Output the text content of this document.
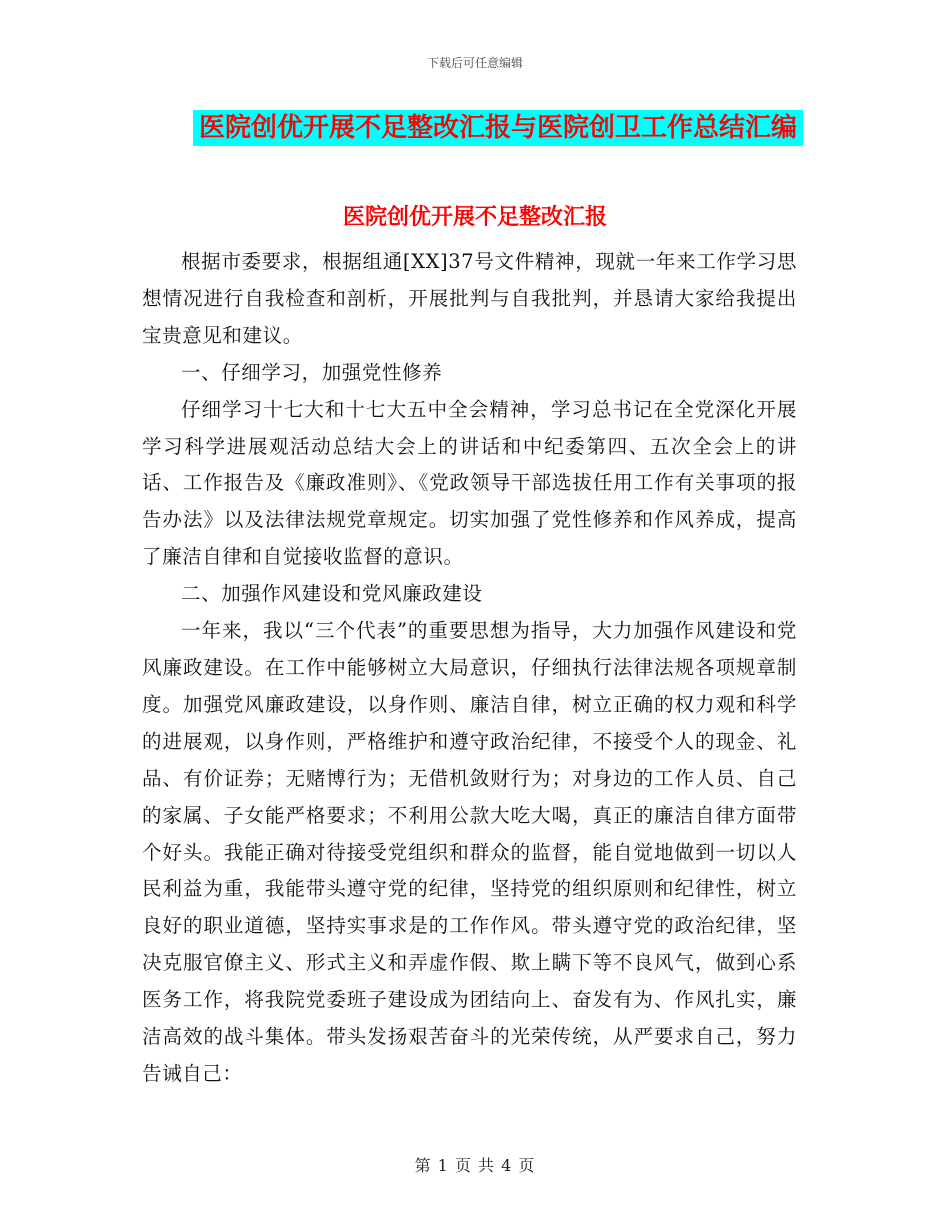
下载后可任意编辑
医院创优开展不足整改汇报与医院创卫工作总结汇编
医院创优开展不足整改汇报

根据市委要求，根据组通[XX]37号文件精神，现就一年来工作学习思想情况进行自我检查和剖析，开展批判与自我批判，并恳请大家给我提出宝贵意见和建议。

一、仔细学习，加强党性修养

仔细学习十七大和十七大五中全会精神，学习总书记在全党深化开展学习科学进展观活动总结大会上的讲话和中纪委第四、五次全会上的讲话、工作报告及《廉政准则》、《党政领导干部选拔任用工作有关事项的报告办法》以及法律法规党章规定。切实加强了党性修养和作风养成，提高了廉洁自律和自觉接收监督的意识。

二、加强作风建设和党风廉政建设

一年来，我以“三个代表”的重要思想为指导，大力加强作风建设和党风廉政建设。在工作中能够树立大局意识，仔细执行法律法规各项规章制度。加强党风廉政建设，以身作则、廉洁自律，树立正确的权力观和科学的进展观，以身作则，严格维护和遵守政治纪律，不接受个人的现金、礼品、有价证券；无赌博行为；无借机敛财行为；对身边的工作人员、自己的家属、子女能严格要求；不利用公款大吃大喝，真正的廉洁自律方面带个好头。我能正确对待接受党组织和群众的监督，能自觉地做到一切以人民利益为重，我能带头遵守党的纪律，坚持党的组织原则和纪律性，树立良好的职业道德，坚持实事求是的工作作风。带头遵守党的政治纪律，坚决克服官僚主义、形式主义和弄虚作假、欺上瞒下等不良风气，做到心系医务工作，将我院党委班子建设成为团结向上、奋发有为、作风扎实，廉洁高效的战斗集体。带头发扬艰苦奋斗的光荣传统，从严要求自己，努力告诫自己：

第 1 页 共 4 页
